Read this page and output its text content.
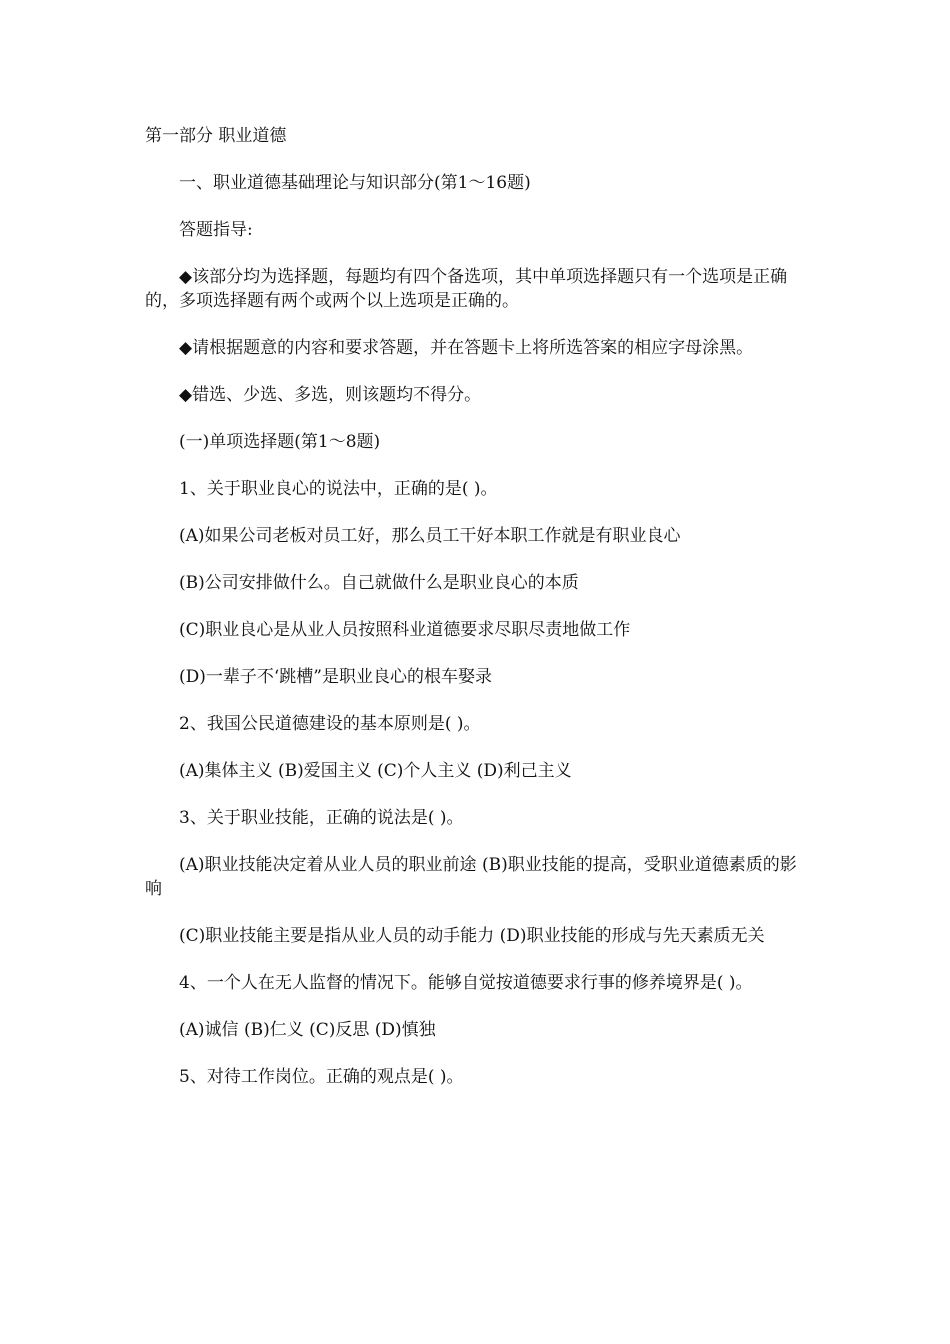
第一部分 职业道德

一、职业道德基础理论与知识部分(第1～16题)

答题指导:

◆该部分均为选择题，每题均有四个备选项，其中单项选择题只有一个选项是正确的，多项选择题有两个或两个以上选项是正确的。

◆请根据题意的内容和要求答题，并在答题卡上将所选答案的相应字母涂黑。

◆错选、少选、多选，则该题均不得分。

(一)单项选择题(第1～8题)

1、关于职业良心的说法中，正确的是( )。

(A)如果公司老板对员工好，那么员工干好本职工作就是有职业良心

(B)公司安排做什么。自己就做什么是职业良心的本质

(C)职业良心是从业人员按照科业道德要求尽职尽责地做工作

(D)一辈子不‘跳槽”是职业良心的根车娶录

2、我国公民道德建设的基本原则是( )。

(A)集体主义 (B)爱国主义 (C)个人主义 (D)利己主义

3、关于职业技能，正确的说法是( )。

(A)职业技能决定着从业人员的职业前途 (B)职业技能的提高，受职业道德素质的影响

(C)职业技能主要是指从业人员的动手能力 (D)职业技能的形成与先天素质无关

4、一个人在无人监督的情况下。能够自觉按道德要求行事的修养境界是( )。

(A)诚信 (B)仁义 (C)反思 (D)慎独

5、对待工作岗位。正确的观点是( )。
